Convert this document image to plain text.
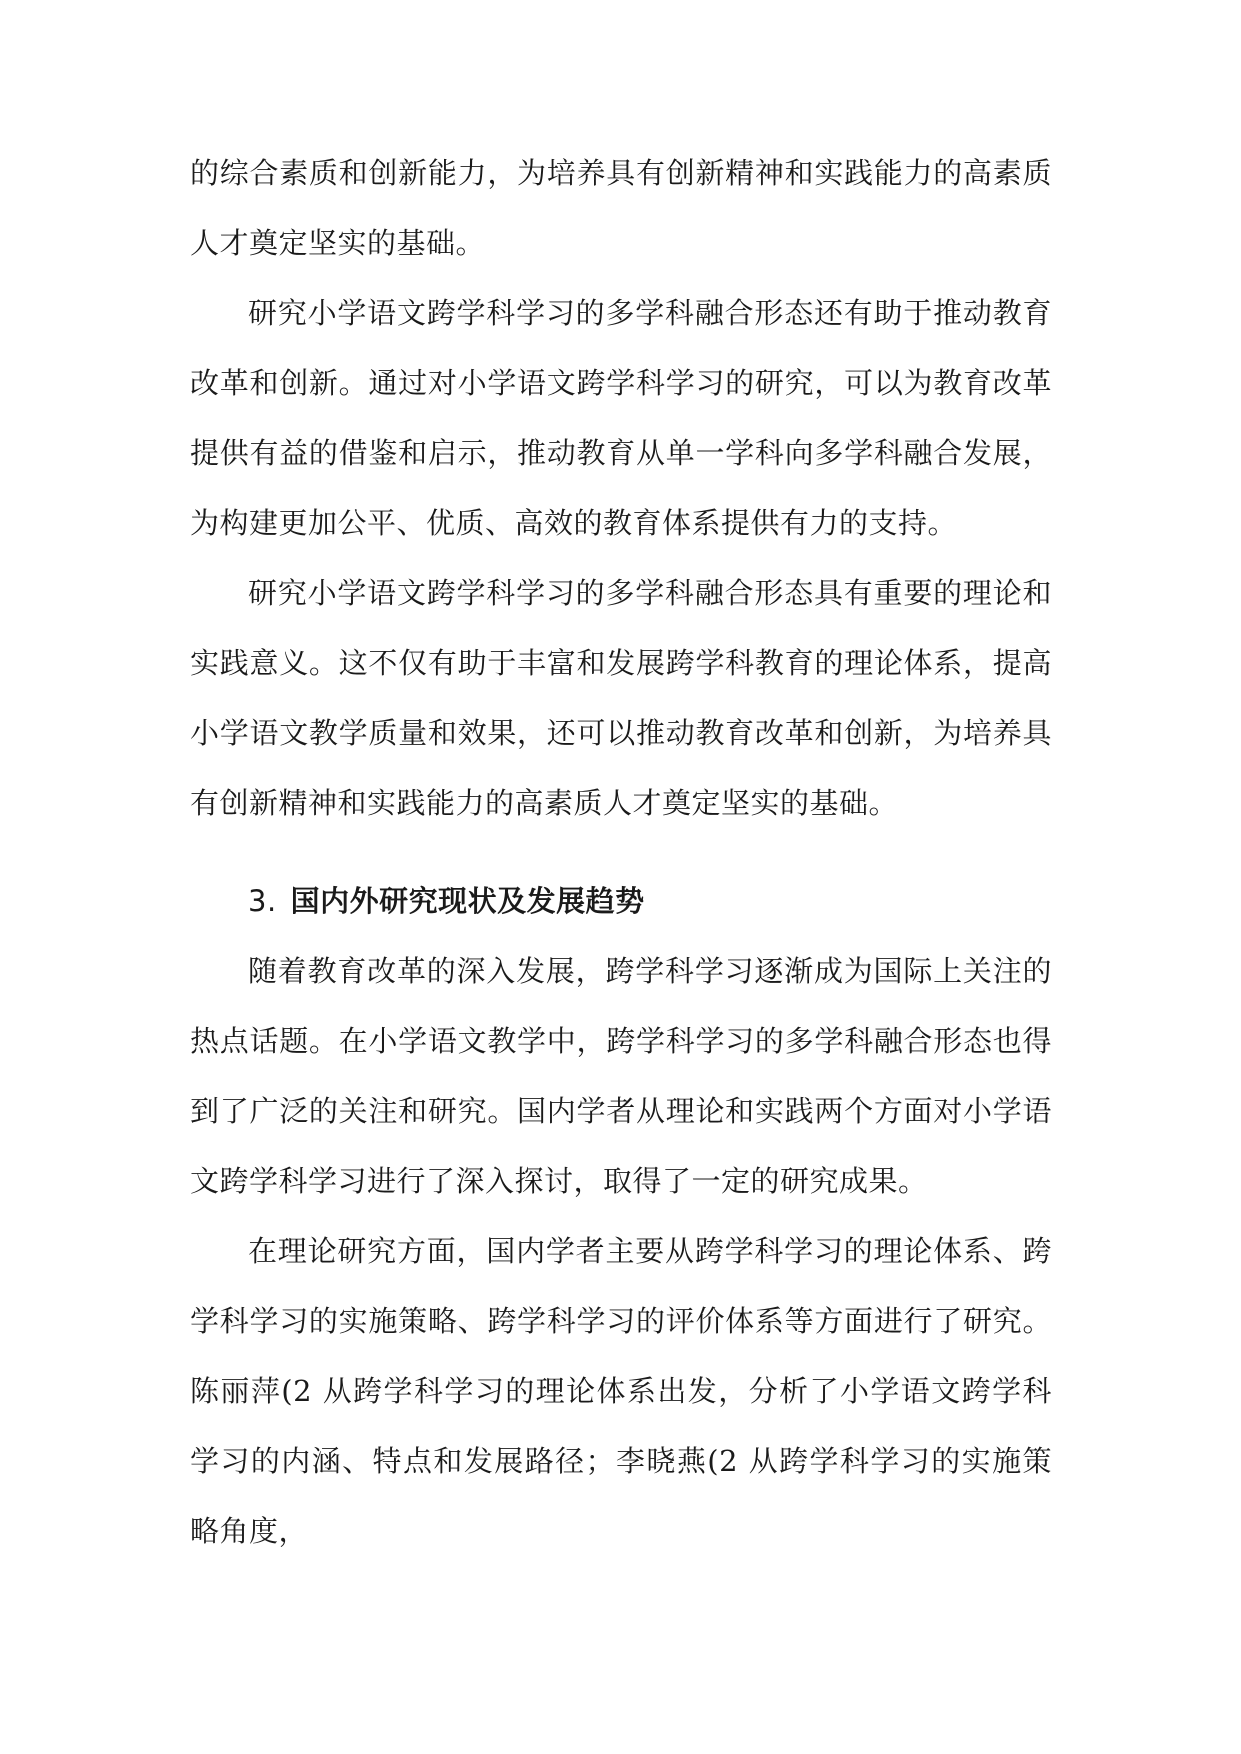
的综合素质和创新能力，为培养具有创新精神和实践能力的高素质人才奠定坚实的基础。

研究小学语文跨学科学习的多学科融合形态还有助于推动教育改革和创新。通过对小学语文跨学科学习的研究，可以为教育改革提供有益的借鉴和启示，推动教育从单一学科向多学科融合发展，为构建更加公平、优质、高效的教育体系提供有力的支持。

研究小学语文跨学科学习的多学科融合形态具有重要的理论和实践意义。这不仅有助于丰富和发展跨学科教育的理论体系，提高小学语文教学质量和效果，还可以推动教育改革和创新，为培养具有创新精神和实践能力的高素质人才奠定坚实的基础。

3. 国内外研究现状及发展趋势

随着教育改革的深入发展，跨学科学习逐渐成为国际上关注的热点话题。在小学语文教学中，跨学科学习的多学科融合形态也得到了广泛的关注和研究。国内学者从理论和实践两个方面对小学语文跨学科学习进行了深入探讨，取得了一定的研究成果。

在理论研究方面，国内学者主要从跨学科学习的理论体系、跨学科学习的实施策略、跨学科学习的评价体系等方面进行了研究。陈丽萍(2 从跨学科学习的理论体系出发，分析了小学语文跨学科学习的内涵、特点和发展路径；李晓燕(2 从跨学科学习的实施策略角度，
